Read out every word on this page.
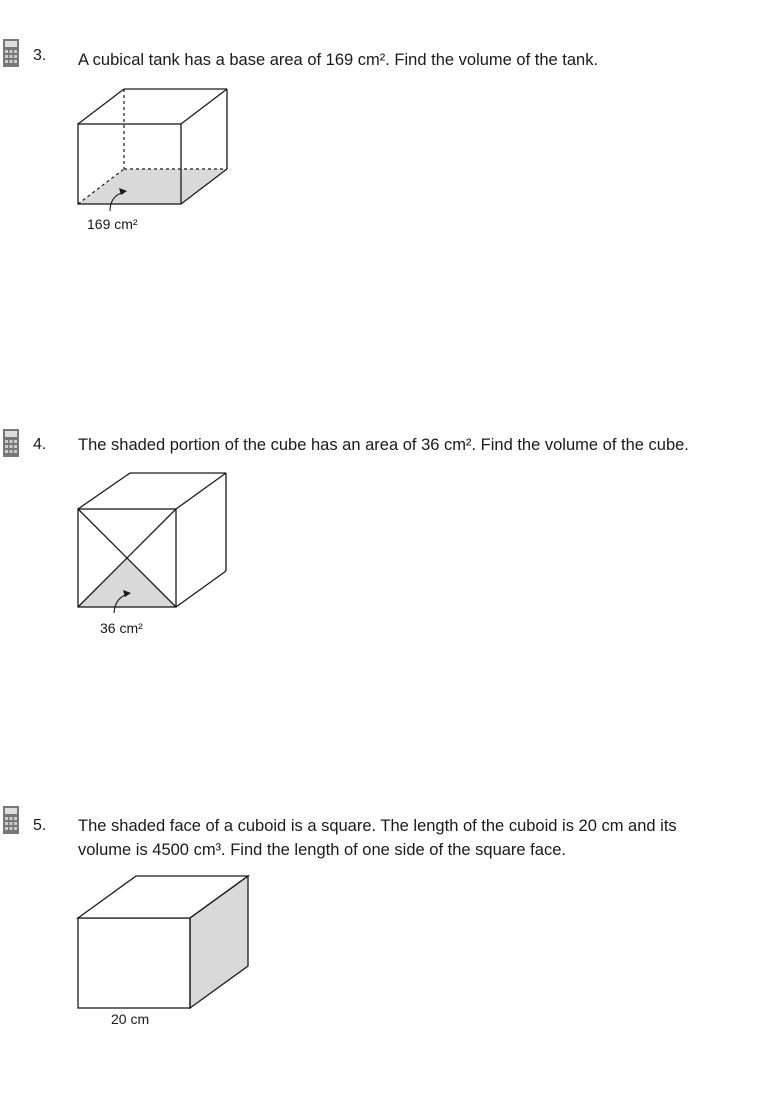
3. A cubical tank has a base area of 169 cm². Find the volume of the tank.
169 cm²
4. The shaded portion of the cube has an area of 36 cm². Find the volume of the cube.
36 cm²
5. The shaded face of a cuboid is a square. The length of the cuboid is 20 cm and its
volume is 4500 cm³. Find the length of one side of the square face.
20 cm
